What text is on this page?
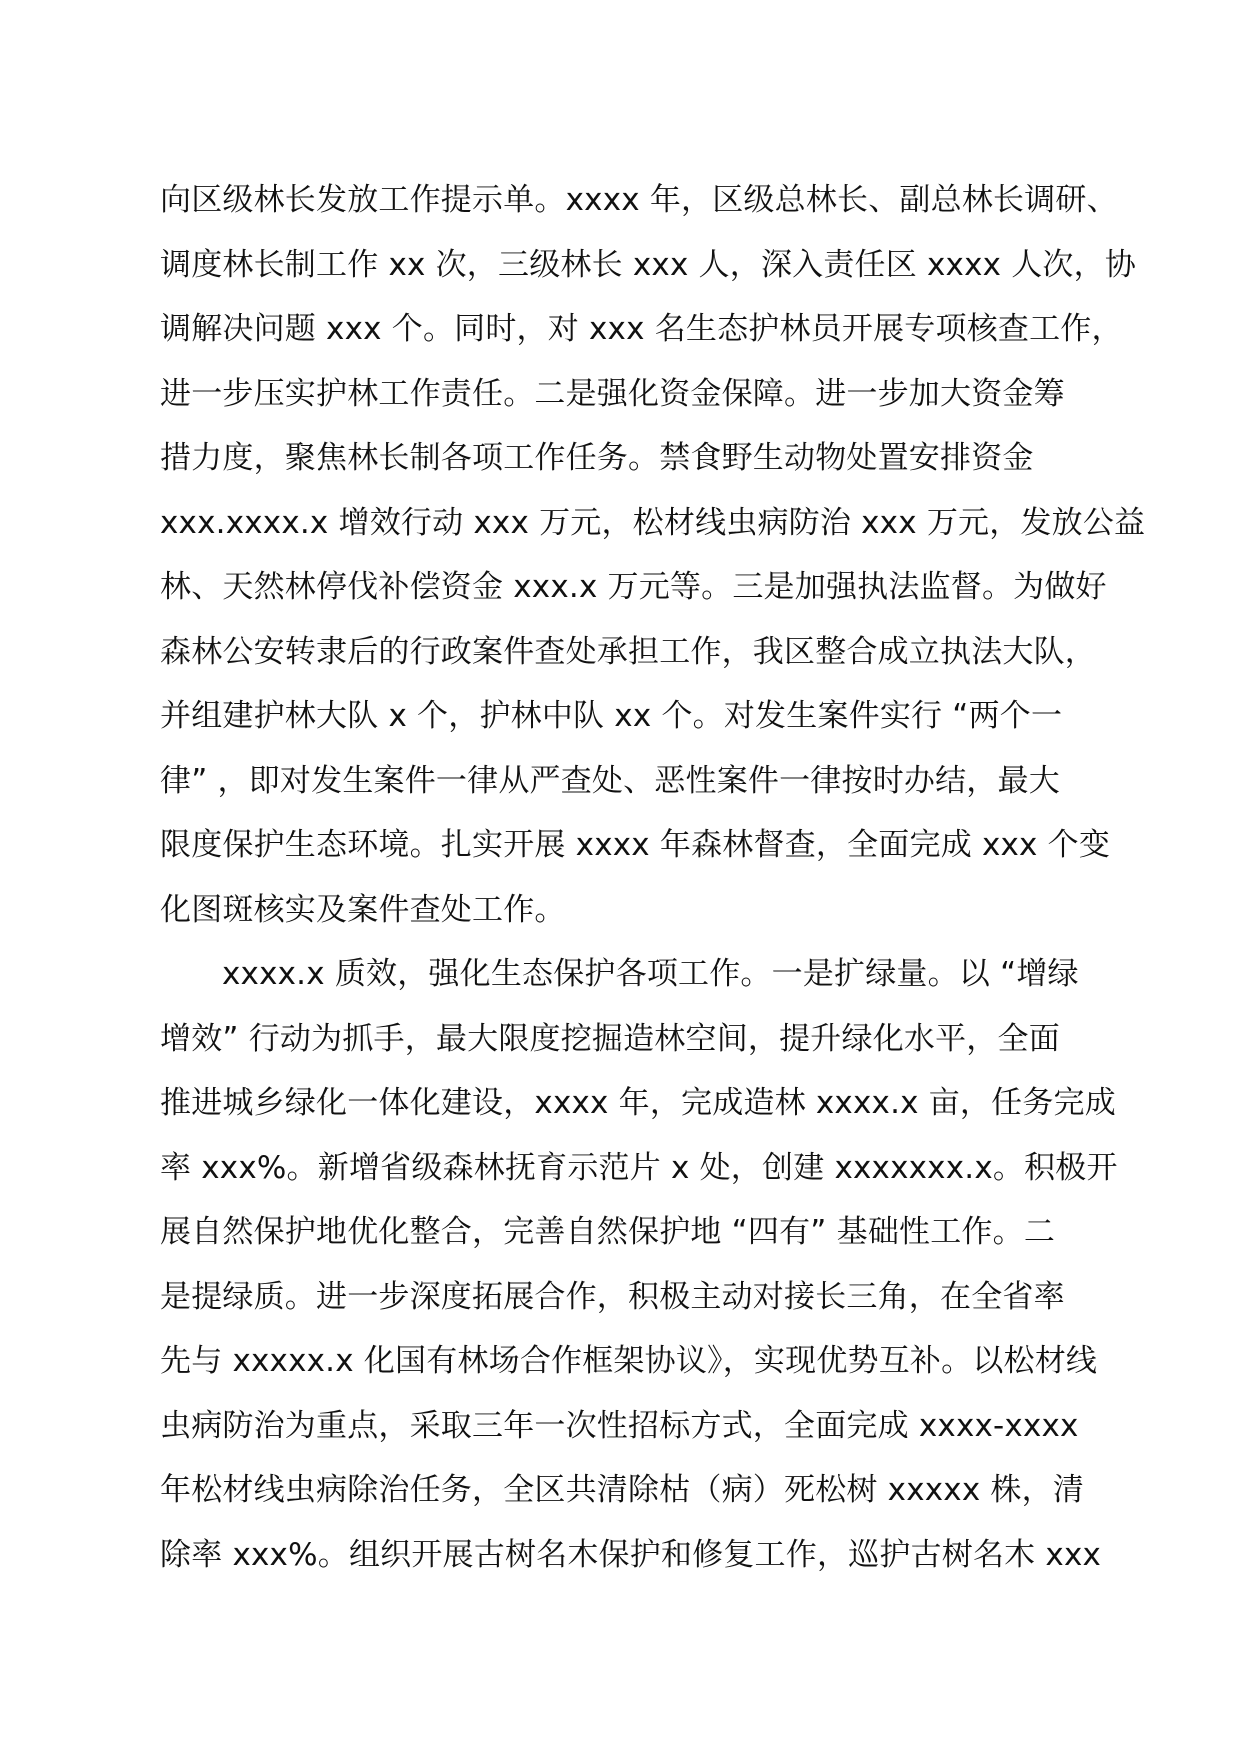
向区级林长发放工作提示单。xxxx 年，区级总林长、副总林长调研、
调度林长制工作 xx 次，三级林长 xxx 人，深入责任区 xxxx 人次，协
调解决问题 xxx 个。同时，对 xxx 名生态护林员开展专项核查工作，
进一步压实护林工作责任。二是强化资金保障。进一步加大资金筹
措力度，聚焦林长制各项工作任务。禁食野生动物处置安排资金
xxx.xxxx.x 增效行动 xxx 万元，松材线虫病防治 xxx 万元，发放公益
林、天然林停伐补偿资金 xxx.x 万元等。三是加强执法监督。为做好
森林公安转隶后的行政案件查处承担工作，我区整合成立执法大队，
并组建护林大队 x 个，护林中队 xx 个。对发生案件实行 “两个一
律” ，即对发生案件一律从严查处、恶性案件一律按时办结，最大
限度保护生态环境。扎实开展 xxxx 年森林督查，全面完成 xxx 个变
化图斑核实及案件查处工作。
xxxx.x 质效，强化生态保护各项工作。一是扩绿量。以 “增绿
增效” 行动为抓手，最大限度挖掘造林空间，提升绿化水平，全面
推进城乡绿化一体化建设，xxxx 年，完成造林 xxxx.x 亩，任务完成
率 xxx%。新增省级森林抚育示范片 x 处，创建 xxxxxxx.x。积极开
展自然保护地优化整合，完善自然保护地 “四有” 基础性工作。二
是提绿质。进一步深度拓展合作，积极主动对接长三角，在全省率
先与 xxxxx.x 化国有林场合作框架协议》，实现优势互补。以松材线
虫病防治为重点，采取三年一次性招标方式，全面完成 xxxx-xxxx
年松材线虫病除治任务，全区共清除枯（病）死松树 xxxxx 株，清
除率 xxx%。组织开展古树名木保护和修复工作，巡护古树名木 xxx
